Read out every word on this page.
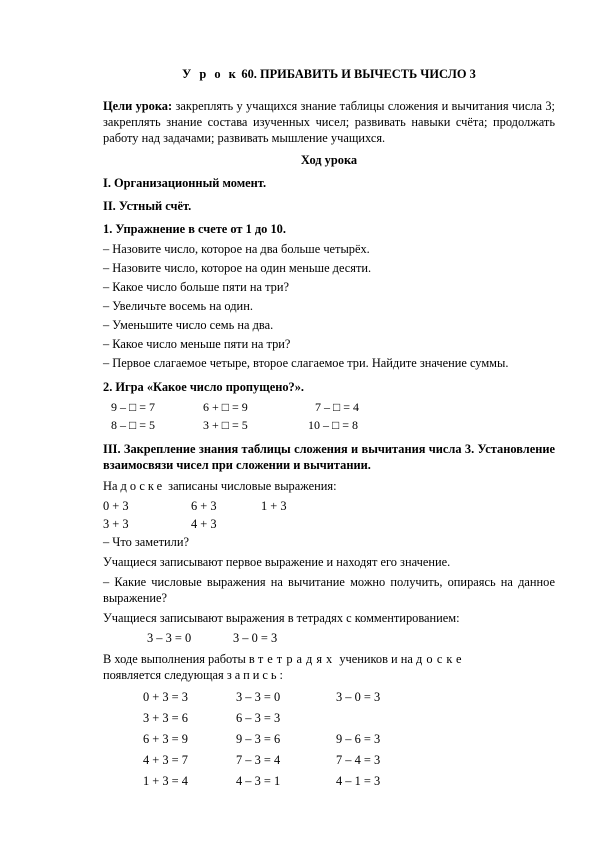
У р о к 60. ПРИБАВИТЬ И ВЫЧЕСТЬ ЧИСЛО 3

Цели урока: закреплять у учащихся знание таблицы сложения и вычитания числа 3; закреплять знание состава изученных чисел; развивать навыки счёта; продолжать работу над задачами; развивать мышление учащихся.

Ход урока
I. Организационный момент.
II. Устный счёт.
1. Упражнение в счете от 1 до 10.
– Назовите число, которое на два больше четырёх.
– Назовите число, которое на один меньше десяти.
– Какое число больше пяти на три?
– Увеличьте восемь на один.
– Уменьшите число семь на два.
– Какое число меньше пяти на три?
– Первое слагаемое четыре, второе слагаемое три. Найдите значение суммы.
2. Игра «Какое число пропущено?».
9 – □ = 7	6 + □ = 9	7 – □ = 4
8 – □ = 5	3 + □ = 5	10 – □ = 8
III. Закрепление знания таблицы сложения и вычитания числа 3. Установление взаимосвязи чисел при сложении и вычитании.
На доске записаны числовые выражения:
0 + 3	6 + 3	1 + 3
3 + 3	4 + 3
– Что заметили?
Учащиеся записывают первое выражение и находят его значение.
– Какие числовые выражения на вычитание можно получить, опираясь на данное выражение?
Учащиеся записывают выражения в тетрадях с комментированием:
3 – 3 = 0	3 – 0 = 3
В ходе выполнения работы в тетрадях учеников и на доске
появляется следующая запись:
0 + 3 = 3	3 – 3 = 0	3 – 0 = 3
3 + 3 = 6	6 – 3 = 3
6 + 3 = 9	9 – 3 = 6	9 – 6 = 3
4 + 3 = 7	7 – 3 = 4	7 – 4 = 3
1 + 3 = 4	4 – 3 = 1	4 – 1 = 3
